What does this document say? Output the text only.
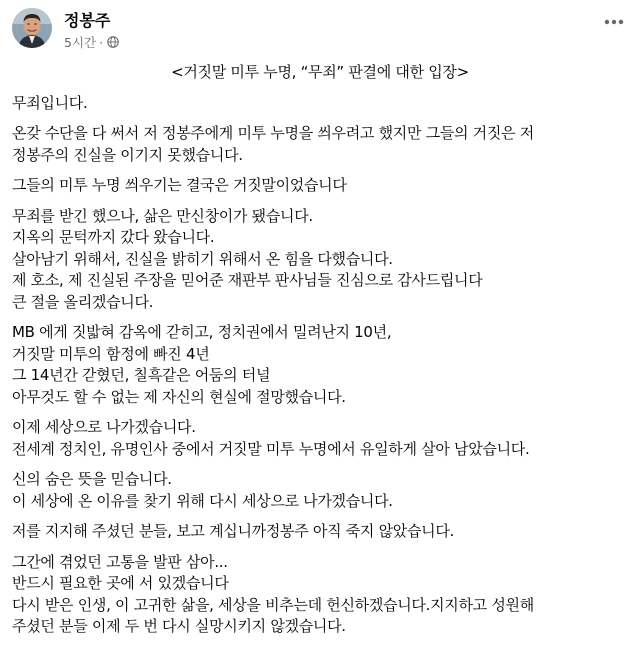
정봉주
5시간 ·
<거짓말 미투 누명, “무죄” 판결에 대한 입장>
무죄입니다.
온갖 수단을 다 써서 저 정봉주에게 미투 누명을 씌우려고 했지만 그들의 거짓은 저
정봉주의 진실을 이기지 못했습니다.
그들의 미투 누명 씌우기는 결국은 거짓말이었습니다
무죄를 받긴 했으나, 삶은 만신창이가 됐습니다.
지옥의 문턱까지 갔다 왔습니다.
살아남기 위해서, 진실을 밝히기 위해서 온 힘을 다했습니다.
제 호소, 제 진실된 주장을 믿어준 재판부 판사님들 진심으로 감사드립니다
큰 절을 올리겠습니다.
MB 에게 짓밟혀 감옥에 갇히고, 정치권에서 밀려난지 10년,
거짓말 미투의 함정에 빠진 4년
그 14년간 갇혔던, 칠흑같은 어둠의 터널
아무것도 할 수 없는 제 자신의 현실에 절망했습니다.
이제 세상으로 나가겠습니다.
전세계 정치인, 유명인사 중에서 거짓말 미투 누명에서 유일하게 살아 남았습니다.
신의 숨은 뜻을 믿습니다.
이 세상에 온 이유를 찾기 위해 다시 세상으로 나가겠습니다.
저를 지지해 주셨던 분들, 보고 계십니까정봉주 아직 죽지 않았습니다.
그간에 겪었던 고통을 발판 삼아...
반드시 필요한 곳에 서 있겠습니다
다시 받은 인생, 이 고귀한 삶을, 세상을 비추는데 헌신하겠습니다.지지하고 성원해
주셨던 분들 이제 두 번 다시 실망시키지 않겠습니다.
